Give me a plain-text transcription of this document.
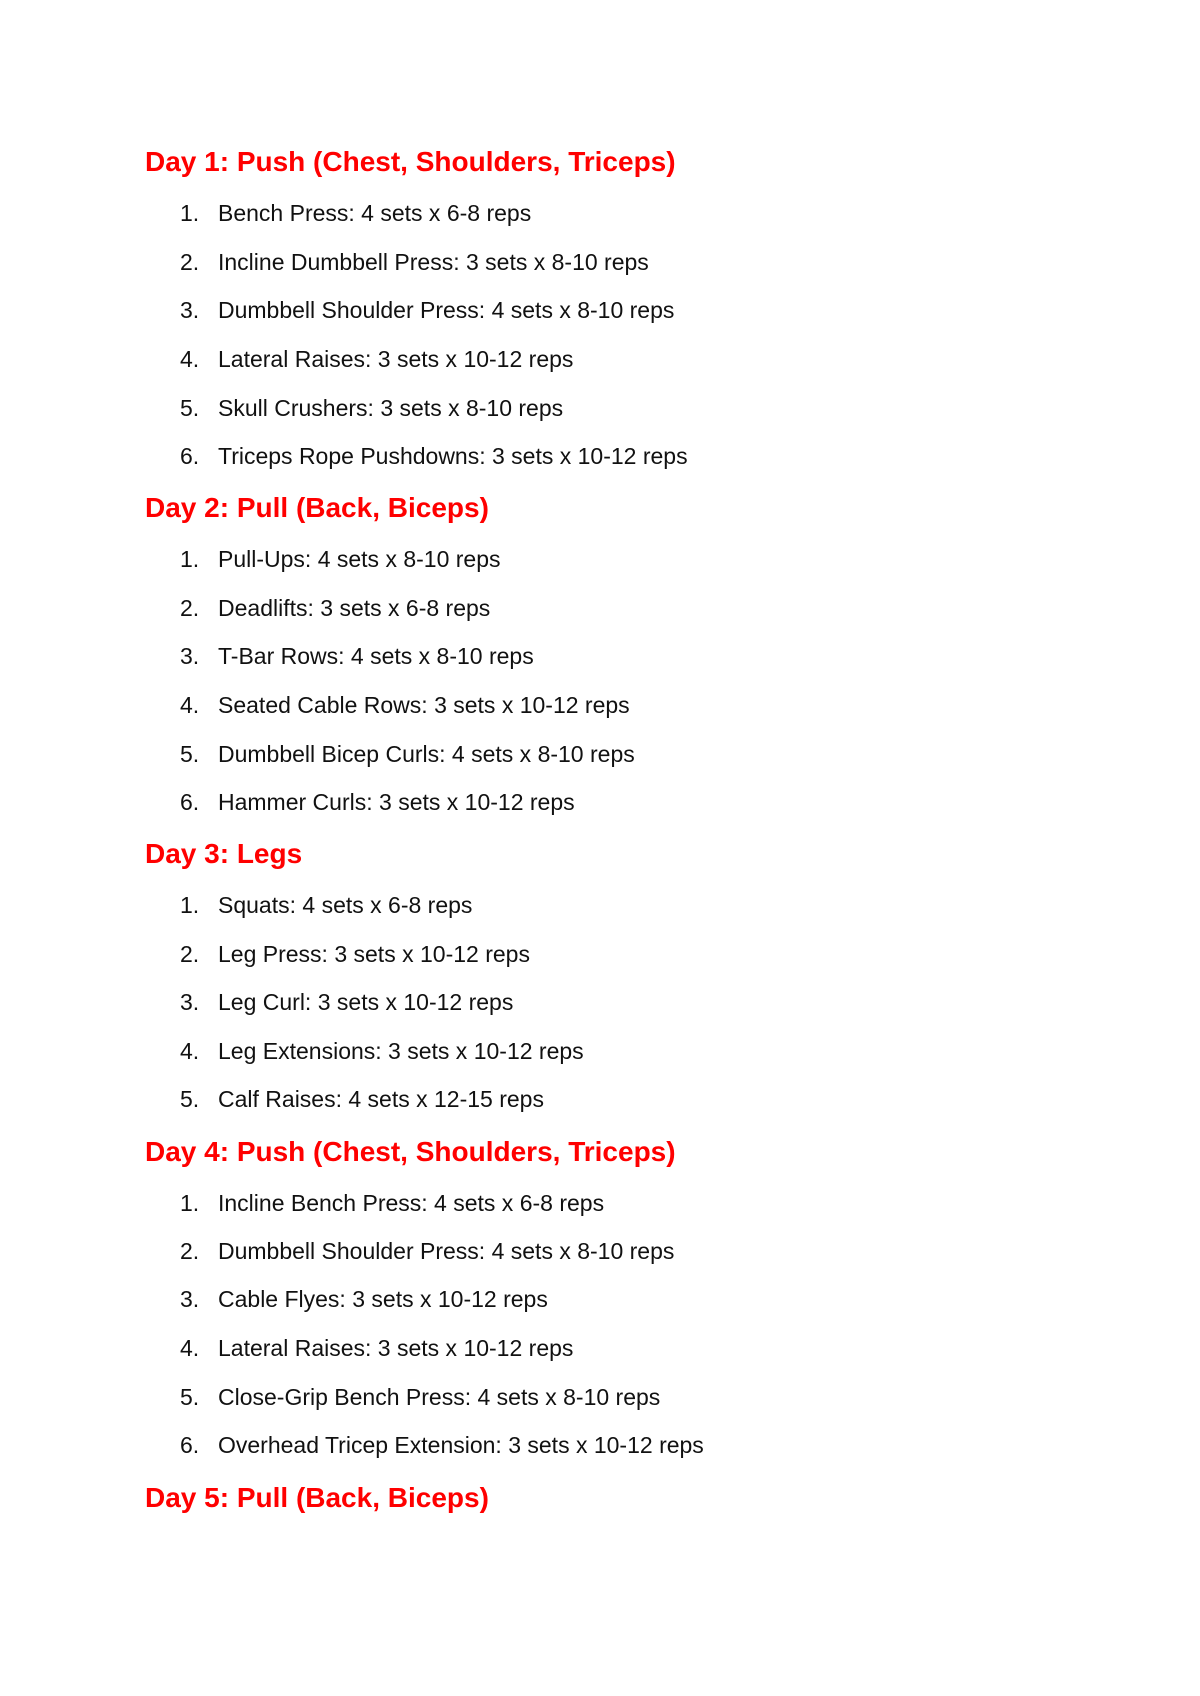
Day 1: Push (Chest, Shoulders, Triceps)

1. Bench Press: 4 sets x 6-8 reps

2. Incline Dumbbell Press: 3 sets x 8-10 reps

3. Dumbbell Shoulder Press: 4 sets x 8-10 reps

4. Lateral Raises: 3 sets x 10-12 reps

5. Skull Crushers: 3 sets x 8-10 reps

6. Triceps Rope Pushdowns: 3 sets x 10-12 reps

Day 2: Pull (Back, Biceps)

1. Pull-Ups: 4 sets x 8-10 reps

2. Deadlifts: 3 sets x 6-8 reps

3. T-Bar Rows: 4 sets x 8-10 reps

4. Seated Cable Rows: 3 sets x 10-12 reps

5. Dumbbell Bicep Curls: 4 sets x 8-10 reps

6. Hammer Curls: 3 sets x 10-12 reps

Day 3: Legs

1. Squats: 4 sets x 6-8 reps

2. Leg Press: 3 sets x 10-12 reps

3. Leg Curl: 3 sets x 10-12 reps

4. Leg Extensions: 3 sets x 10-12 reps

5. Calf Raises: 4 sets x 12-15 reps

Day 4: Push (Chest, Shoulders, Triceps)

1. Incline Bench Press: 4 sets x 6-8 reps

2. Dumbbell Shoulder Press: 4 sets x 8-10 reps

3. Cable Flyes: 3 sets x 10-12 reps

4. Lateral Raises: 3 sets x 10-12 reps

5. Close-Grip Bench Press: 4 sets x 8-10 reps

6. Overhead Tricep Extension: 3 sets x 10-12 reps

Day 5: Pull (Back, Biceps)
